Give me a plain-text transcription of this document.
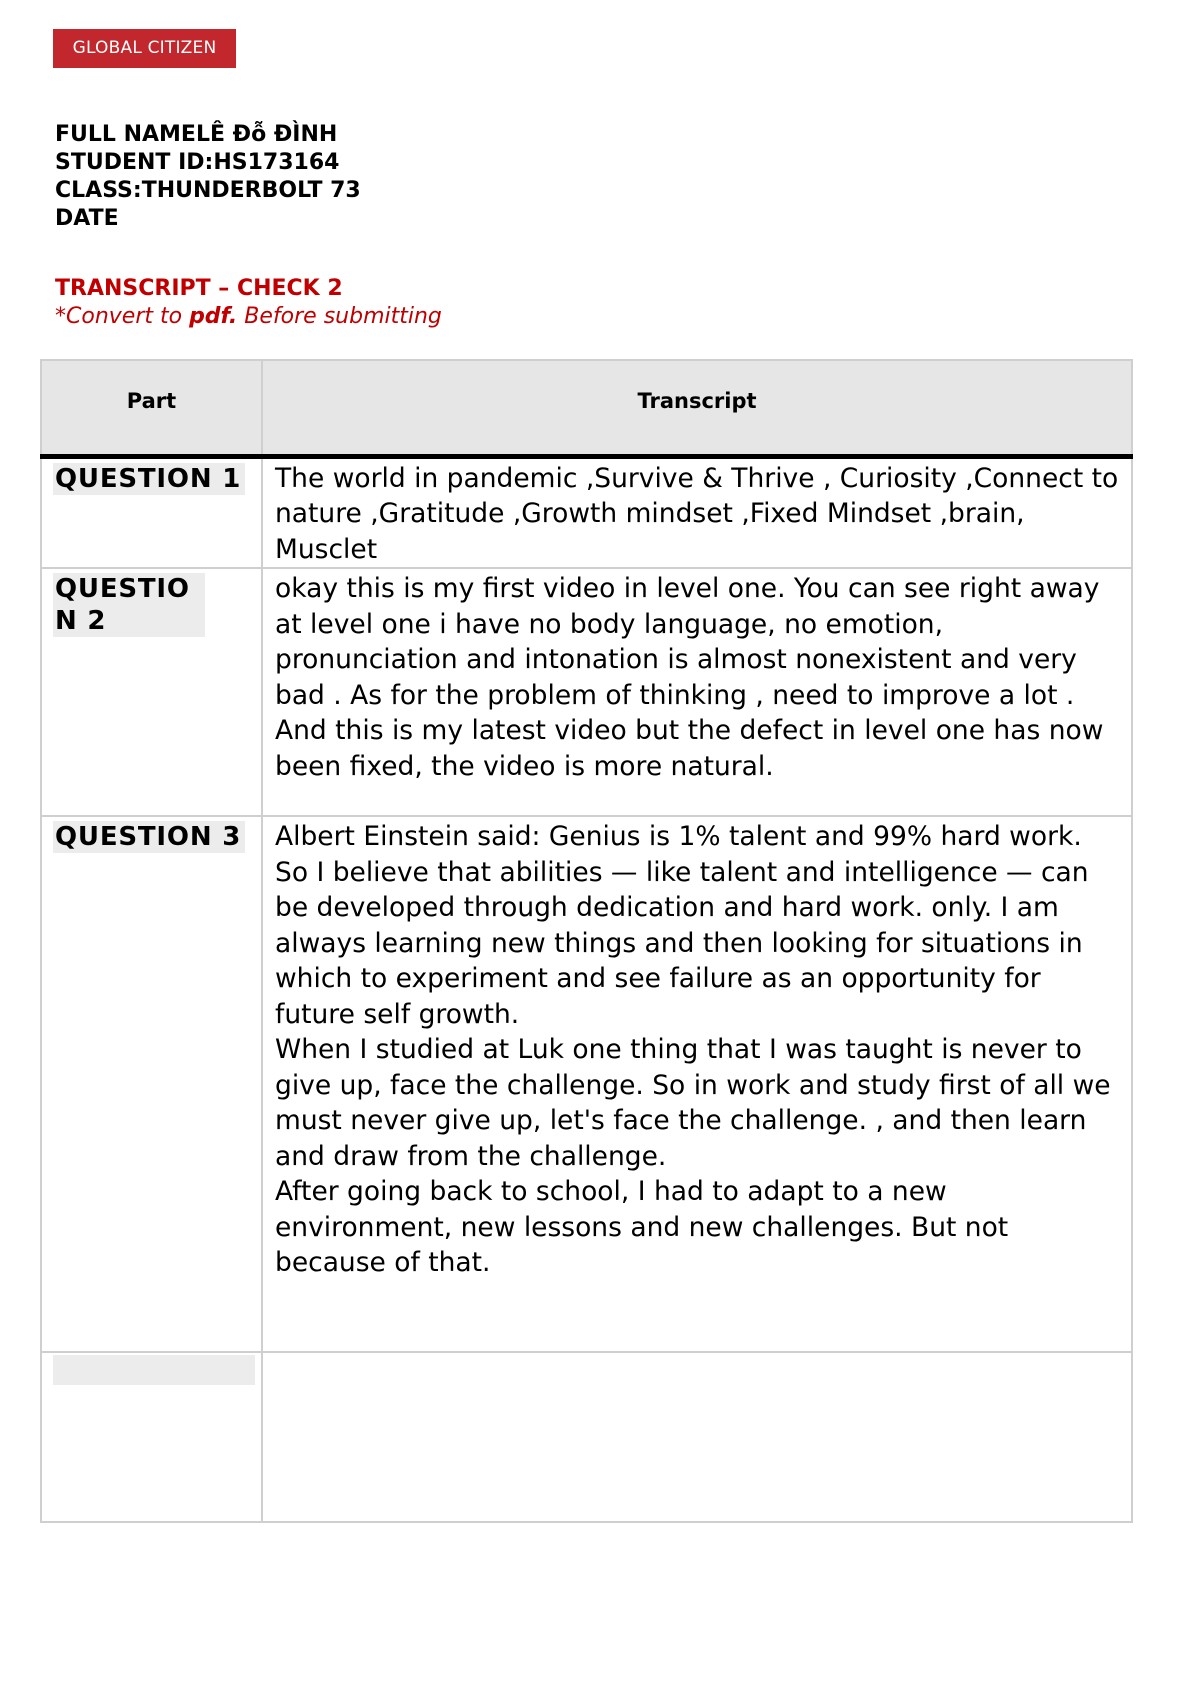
GLOBAL CITIZEN
FULL NAMELÊ Đỗ ĐÌNH
STUDENT ID:HS173164
CLASS:THUNDERBOLT 73
DATE
TRANSCRIPT – CHECK 2
*Convert to pdf. Before submitting
Part	Transcript
QUESTION 1	The world in pandemic ,Survive & Thrive , Curiosity ,Connect to nature ,Gratitude ,Growth mindset ,Fixed Mindset ,brain, Musclet

QUESTION 2	okay this is my first video in level one. You can see right away at level one i have no body language, no emotion, pronunciation and intonation is almost nonexistent and very bad . As for the problem of thinking , need to improve a lot .

And this is my latest video but the defect in level one has now been fixed, the video is more natural.

QUESTION 3	Albert Einstein said: Genius is 1% talent and 99% hard work. So I believe that abilities — like talent and intelligence — can be developed through dedication and hard work. only. I am always learning new things and then looking for situations in which to experiment and see failure as an opportunity for future self growth.

When I studied at Luk one thing that I was taught is never to give up, face the challenge. So in work and study first of all we must never give up, let's face the challenge. , and then learn and draw from the challenge.

After going back to school, I had to adapt to a new environment, new lessons and new challenges. But not because of that.
